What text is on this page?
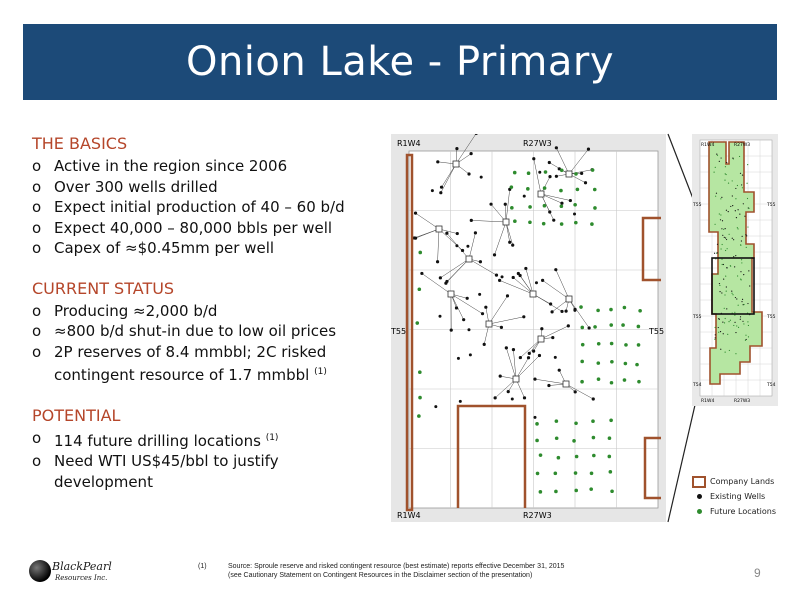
Onion Lake - Primary
THE BASICS
o Active in the region since 2006
o Over 300 wells drilled
o Expect initial production of 40 – 60 b/d
o Expect 40,000 – 80,000 bbls per well
o Capex of ≈$0.45mm per well
CURRENT STATUS
o Producing ≈2,000 b/d
o ≈800 b/d shut-in due to low oil prices
o 2P reserves of 8.4 mmbbl; 2C risked contingent resource of 1.7 mmbbl $^{(1)}$
POTENTIAL
o 114 future drilling locations $^{(1)}$
o Need WTI US$45/bbl to justify development
R1W4	R27W3
R1W4	R27W3
T55	T55
R1W4	R27W3
T55	T55
T55	T55
T54	T54
R1W4	R27W3
Company Lands
Existing Wells
Future Locations
BlackPearl
Resources Inc.
(1)	Source: Sproule reserve and risked contingent resource (best estimate) reports effective December 31, 2015
(see Cautionary Statement on Contingent Resources in the Disclaimer section of the presentation)	9
